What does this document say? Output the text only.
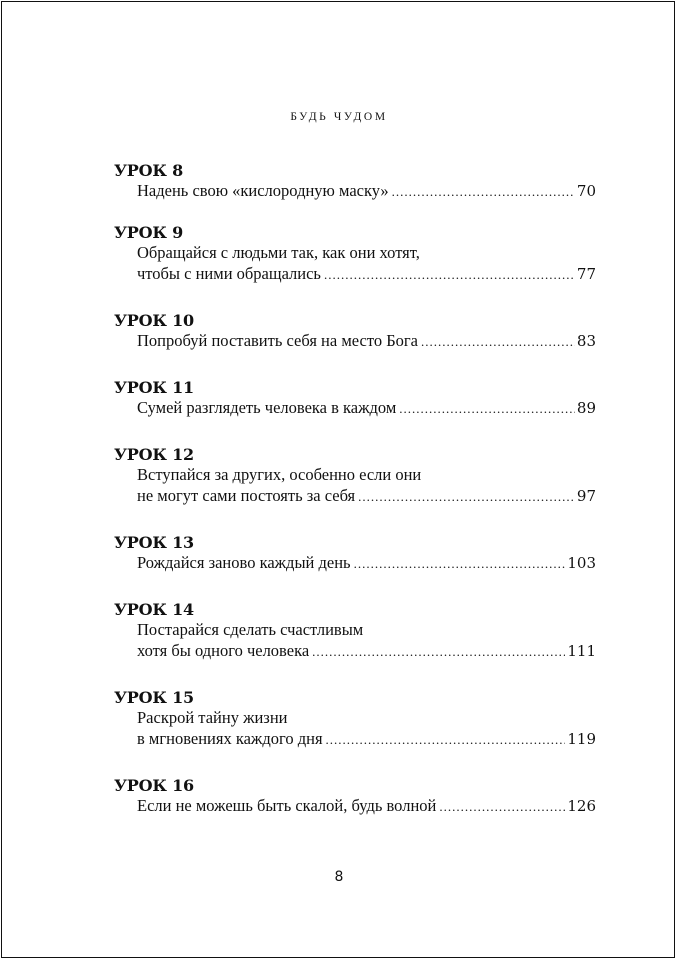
БУДЬ ЧУДОМ
УРОК 8
Надень свою «кислородную маску» .....	70
УРОК 9
Обращайся с людьми так, как они хотят,
чтобы с ними обращались .....	77
УРОК 10
Попробуй поставить себя на место Бога .....	83
УРОК 11
Сумей разглядеть человека в каждом .....	89
УРОК 12
Вступайся за других, особенно если они
не могут сами постоять за себя .....	97
УРОК 13
Рождайся заново каждый день .....	103
УРОК 14
Постарайся сделать счастливым
хотя бы одного человека .....	111
УРОК 15
Раскрой тайну жизни
в мгновениях каждого дня .....	119
УРОК 16
Если не можешь быть скалой, будь волной .....	126
8
